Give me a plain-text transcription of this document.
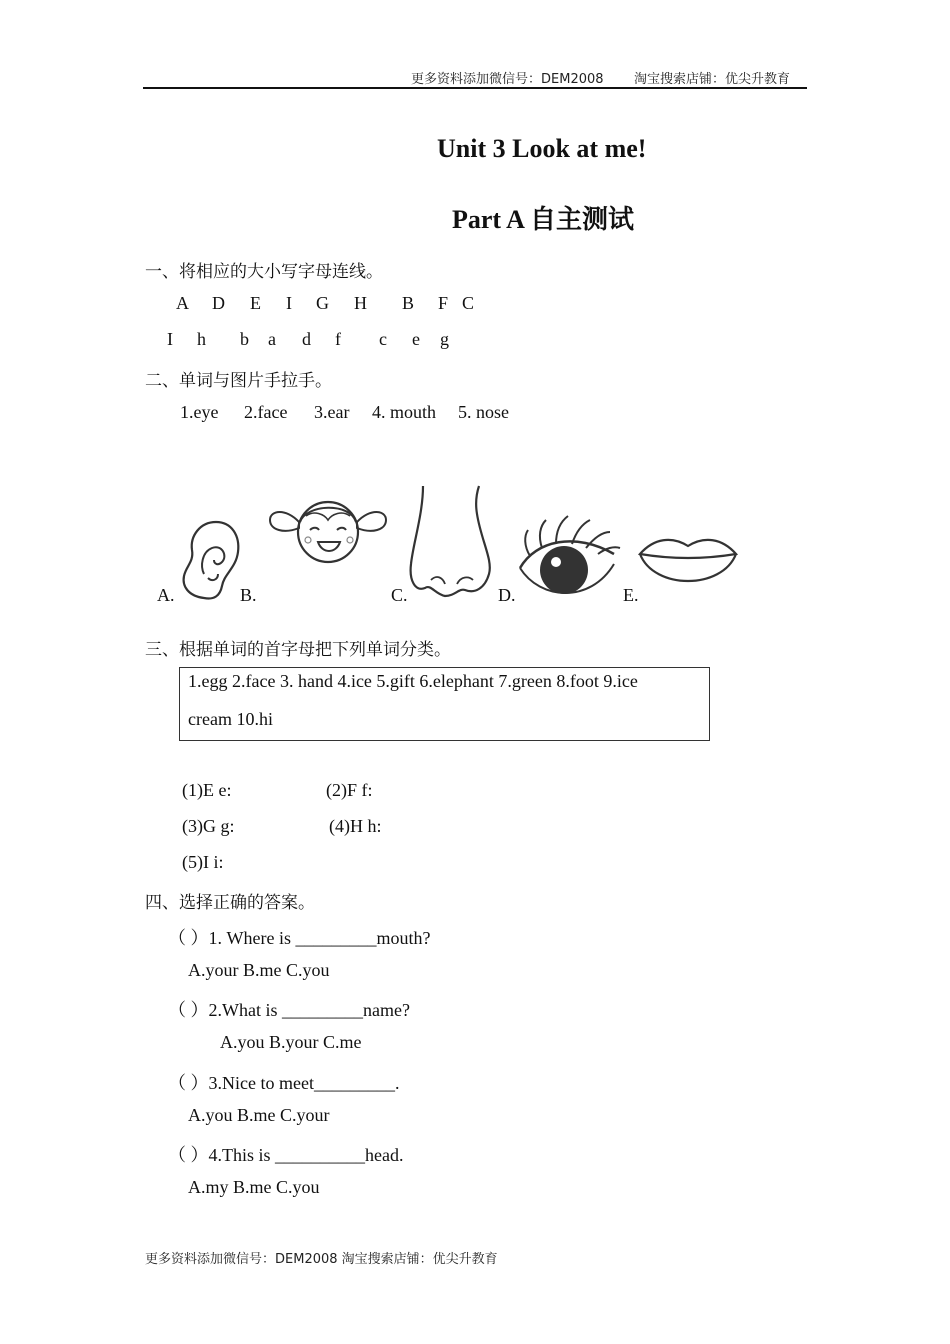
更多资料添加微信号：DEM2008 淘宝搜索店铺：优尖升教育
Unit 3 Look at me!
Part A 自主测试
一、将相应的大小写字母连线。
A D E I G H B F C
I h b a d f c e g
二、单词与图片手拉手。
1.eye 2.face 3.ear 4. mouth 5. nose
A.	B.	C.	D.	E.
三、根据单词的首字母把下列单词分类。
1.egg 2.face 3. hand 4.ice 5.gift 6.elephant 7.green 8.foot 9.ice
cream 10.hi
(1)E e:	(2)F f:
(3)G g:	(4)H h:
(5)I i:
四、选择正确的答案。
（ ）1. Where is _________mouth?
A.your B.me C.you
（ ）2.What is _________name?
A.you B.your C.me
（ ）3.Nice to meet_________.
A.you B.me C.your
（ ）4.This is __________head.
A.my B.me C.you
更多资料添加微信号：DEM2008 淘宝搜索店铺：优尖升教育
